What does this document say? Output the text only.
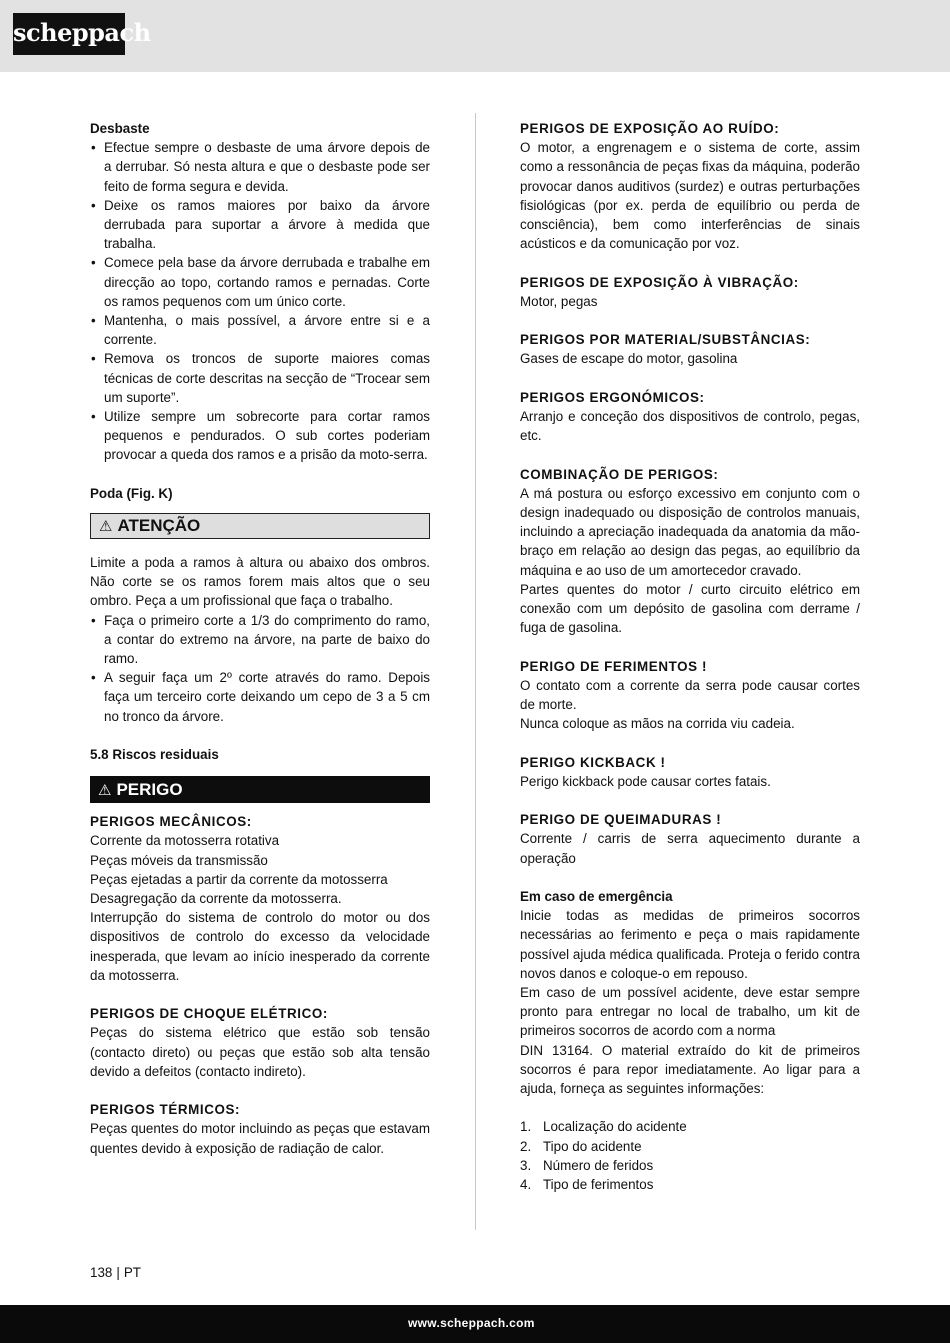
scheppach

Desbaste

• Efectue sempre o desbaste de uma árvore depois de a derrubar. Só nesta altura e que o desbaste pode ser feito de forma segura e devida.
• Deixe os ramos maiores por baixo da árvore derrubada para suportar a árvore à medida que trabalha.
• Comece pela base da árvore derrubada e trabalhe em direcção ao topo, cortando ramos e pernadas. Corte os ramos pequenos com um único corte.
• Mantenha, o mais possível, a árvore entre si e a corrente.
• Remova os troncos de suporte maiores comas técnicas de corte descritas na secção de “Trocear sem um suporte”.
• Utilize sempre um sobrecorte para cortar ramos pequenos e pendurados. O sub cortes poderiam provocar a queda dos ramos e a prisão da moto-serra.

Poda (Fig. K)

⚠ ATENÇÃO

Limite a poda a ramos à altura ou abaixo dos ombros. Não corte se os ramos forem mais altos que o seu ombro. Peça a um profissional que faça o trabalho.

• Faça o primeiro corte a 1/3 do comprimento do ramo, a contar do extremo na árvore, na parte de baixo do ramo.
• A seguir faça um 2º corte através do ramo. Depois faça um terceiro corte deixando um cepo de 3 a 5 cm no tronco da árvore.

5.8 Riscos residuais

⚠ PERIGO

PERIGOS MECÂNICOS:

Corrente da motosserra rotativa

Peças móveis da transmissão

Peças ejetadas a partir da corrente da motosserra

Desagregação da corrente da motosserra.

Interrupção do sistema de controlo do motor ou dos dispositivos de controlo do excesso da velocidade inesperada, que levam ao início inesperado da corrente da motosserra.

PERIGOS DE CHOQUE ELÉTRICO:

Peças do sistema elétrico que estão sob tensão (contacto direto) ou peças que estão sob alta tensão devido a defeitos (contacto indireto).

PERIGOS TÉRMICOS:

Peças quentes do motor incluindo as peças que estavam quentes devido à exposição de radiação de calor.

PERIGOS DE EXPOSIÇÃO AO RUÍDO:

O motor, a engrenagem e o sistema de corte, assim como a ressonância de peças fixas da máquina, poderão provocar danos auditivos (surdez) e outras perturbações fisiológicas (por ex. perda de equilíbrio ou perda de consciência), bem como interferências de sinais acústicos e da comunicação por voz.

PERIGOS DE EXPOSIÇÃO À VIBRAÇÃO:

Motor, pegas

PERIGOS POR MATERIAL/SUBSTÂNCIAS:

Gases de escape do motor, gasolina

PERIGOS ERGONÓMICOS:

Arranjo e conceção dos dispositivos de controlo, pegas, etc.

COMBINAÇÃO DE PERIGOS:

A má postura ou esforço excessivo em conjunto com o design inadequado ou disposição de controlos manuais, incluindo a apreciação inadequada da anatomia da mão-braço em relação ao design das pegas, ao equilíbrio da máquina e ao uso de um amortecedor cravado.

Partes quentes do motor / curto circuito elétrico em conexão com um depósito de gasolina com derrame / fuga de gasolina.

PERIGO DE FERIMENTOS !

O contato com a corrente da serra pode causar cortes de morte.

Nunca coloque as mãos na corrida viu cadeia.

PERIGO KICKBACK !

Perigo kickback pode causar cortes fatais.

PERIGO DE QUEIMADURAS !

Corrente / carris de serra aquecimento durante a operação

Em caso de emergência

Inicie todas as medidas de primeiros socorros necessárias ao ferimento e peça o mais rapidamente possível ajuda médica qualificada. Proteja o ferido contra novos danos e coloque-o em repouso.

Em caso de um possível acidente, deve estar sempre pronto para entregar no local de trabalho, um kit de primeiros socorros de acordo com a norma

DIN 13164. O material extraído do kit de primeiros socorros é para repor imediatamente. Ao ligar para a ajuda, forneça as seguintes informações:

1. Localização do acidente
2. Tipo do acidente
3. Número de feridos
4. Tipo de ferimentos
138 | PT
www.scheppach.com
